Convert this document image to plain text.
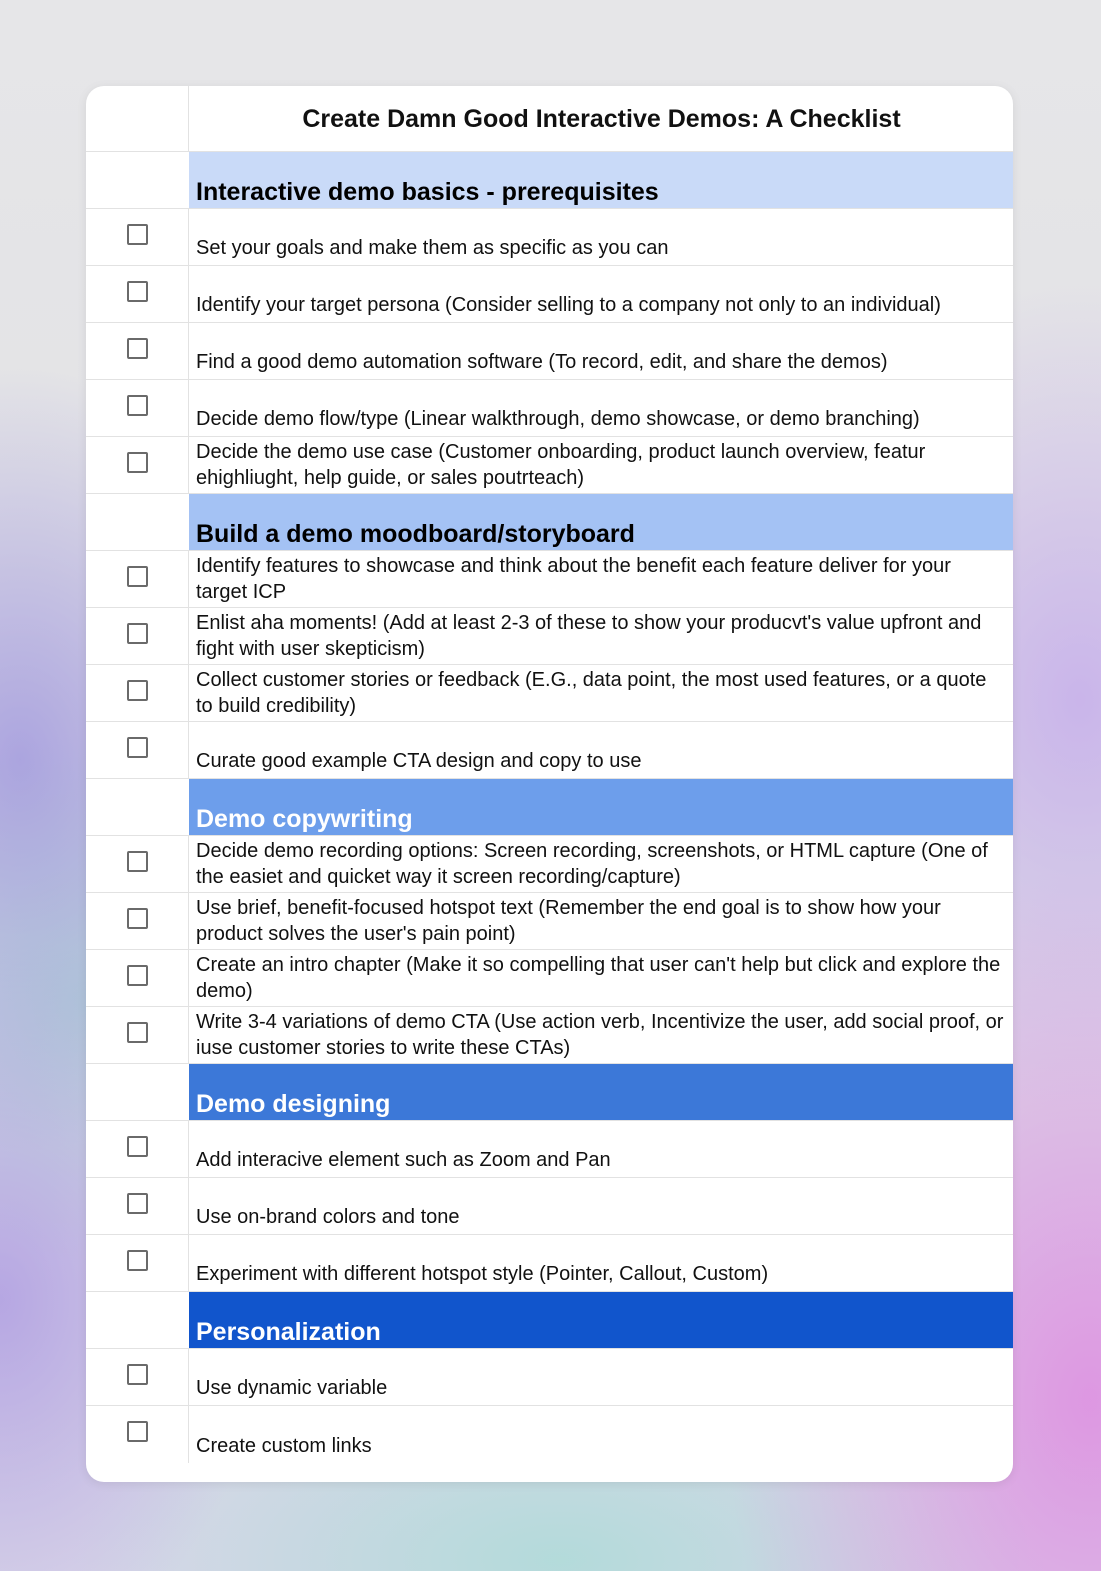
Create Damn Good Interactive Demos: A Checklist
Interactive demo basics - prerequisites
Set your goals and make them as specific as you can
Identify your target persona (Consider selling to a company not only to an individual)
Find a good demo automation software (To record, edit, and share the demos)
Decide demo flow/type (Linear walkthrough, demo showcase, or demo branching)
Decide the demo use case (Customer onboarding, product launch overview, featur ehighliught, help guide, or sales poutrteach)
Build a demo moodboard/storyboard
Identify features to showcase and think about the benefit each feature deliver for your target ICP
Enlist aha moments! (Add at least 2-3 of these to show your producvt's value upfront and fight with user skepticism)
Collect customer stories or feedback (E.G., data point, the most used features, or a quote to build credibility)
Curate good example CTA design and copy to use
Demo copywriting
Decide demo recording options: Screen recording, screenshots, or HTML capture (One of the easiet and quicket way it screen recording/capture)
Use brief, benefit-focused hotspot text (Remember the end goal is to show how your product solves the user's pain point)
Create an intro chapter (Make it so compelling that user can't help but click and explore the demo)
Write 3-4 variations of demo CTA (Use action verb, Incentivize the user, add social proof, or iuse customer stories to write these CTAs)
Demo designing
Add interacive element such as Zoom and Pan
Use on-brand colors and tone
Experiment with different hotspot style (Pointer, Callout, Custom)
Personalization
Use dynamic variable
Create custom links
